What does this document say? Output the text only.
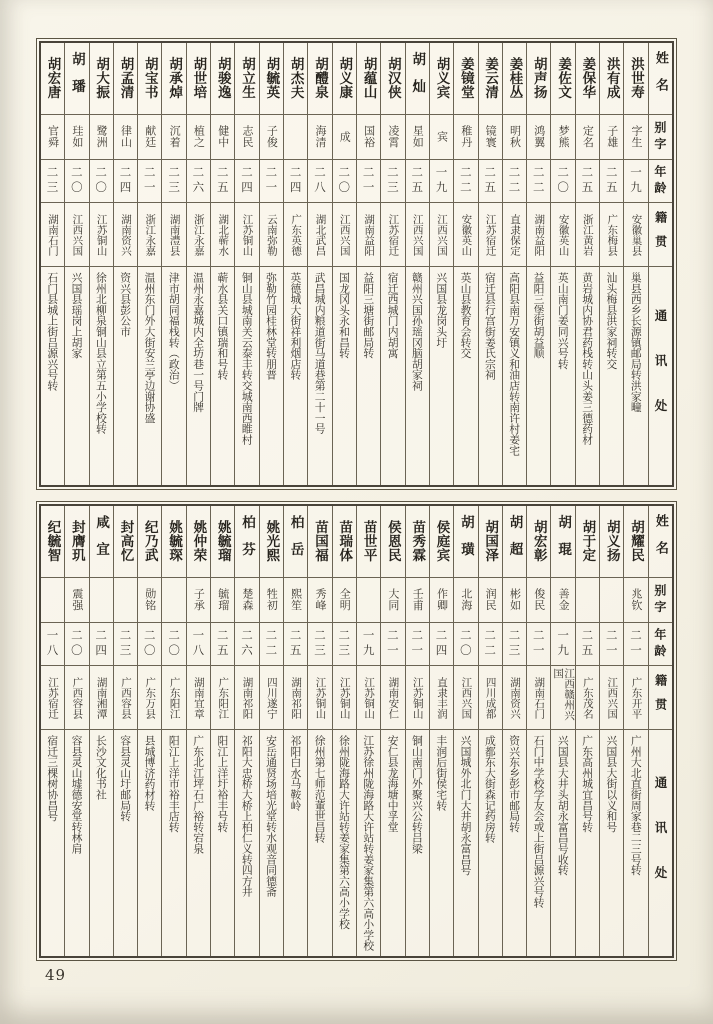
姓名
别字
年龄
籍贯
通讯处
洪世寿
字生
一九
安徽巢县
巢县西乡长源镇邮局转洪家疃
洪有成
子雄
二五
广东梅县
汕头梅县洪家祠转交
姜保华
定名
二五
浙江黄岩
黄岩城内协君药栈转山头姜三德药材
姜佐文
梦熊
二〇
安徽英山
英山南门姜同兴号转
胡声扬
鸿翼
二二
湖南益阳
益阳三堡街胡益顺
姜桂丛
明秋
二二
直隶保定
高阳县南万安镇义和油店转南许村姜宅
姜云清
镜寰
二五
江苏宿迁
宿迁县行宫街姜氏宗祠
姜镜堂
稚丹
二二
安徽英山
英山县教育会转交
胡义宾
宾
一九
江西兴国
兴国县龙岗头圩
胡灿
星如
二五
江西兴国
赣州兴国孙瑶冈脑胡家祠
胡汉侠
凌霄
二三
江苏宿迁
宿迁西城门内胡寓
胡蕴山
国裕
二一
湖南益阳
益阳三塘街邮局转
胡义康
成
二〇
江西兴国
国龙冈头永和昌转
胡醴泉
海清
二八
湖北武昌
武昌城内粮道街马道巷第二十一号
胡杰夫
二四
广东英德
英德城大街祥利烟店转
胡毓英
子俊
二一
云南弥勒
弥勒竹园桂林堂转朋普
胡立生
志民
二四
江苏铜山
铜山县城南关云泰丰转交城南西睢村
胡骏逸
健中
二五
湖北蕲水
蕲水县关口镇瑞和号转
胡世培
植之
二六
浙江永嘉
温州永嘉城内全坊巷一号门牌
胡承焯
沉着
二三
湖南澧县
津市胡同福栈转（政治）
胡宝书
献廷
二一
浙江永嘉
温州东门外大街安兰亭边谢协盛
胡孟清
律山
二四
湖南资兴
资兴县彭公市
胡大振
鹭洲
二〇
江苏铜山
徐州北柳泉铜山县立第五小学校转
胡璠
珪如
二〇
江西兴国
兴国县瑶岗上胡家
胡宏唐
官舜
二三
湖南石门
石门县城上街吕源兴号转
姓名
别字
年龄
籍贯
通讯处
胡耀民
兆钦
二一
广东开平
广州大北直街周家巷二三号转
胡义扬
二一
江西兴国
兴国县大街以义和号
胡于定
二五
广东茂名
广东高州城宜昌号转
胡琨
善金
一九
江西赣州兴国
兴国县大井头胡永富昌号收转
胡宏彰
俊民
二一
湖南石门
石门中学校学友会或上街吕源兴号转
胡超
彬如
二三
湖南资兴
资兴东乡彭市邮局转
胡国泽
润民
二二
四川成都
成都东大街森记药房转
胡璜
北海
二〇
江西兴国
兴国城外北门大井胡永富昌号
侯庭宾
作卿
二四
直隶丰润
丰润后街侯宅转
苗秀霖
壬甫
二一
江苏铜山
铜山南门外聚兴公转吕梁
侯恩民
大同
二一
湖南安仁
安仁县龙海塘中孚堂
苗世平
一九
江苏铜山
江苏徐州陇海路大许站转姜家集第六高小学校
苗瑞体
全明
二三
江苏铜山
徐州陇海路大许站转姜家集第六高小学校
苗国福
秀峰
二三
江苏铜山
徐州第七师范董世昌转
柏岳
熙笙
二五
湖南祁阳
祁阳白水马鞍岭
姚光熙
牲初
二二
四川遂宁
安岳通贤场培光堂转水观音同德斋
柏芬
楚森
二六
湖南祁阳
祁阳大忠桥大桥上柏仁义转四方井
姚毓瑠
毓瑠
二五
广东阳江
阳江上洋圩裕丰号转
姚仲荣
子承
一八
湖南宜章
广东北江坪石广裕转宕泉
姚毓琛
二〇
广东阳江
阳江上洋市裕丰店转
纪乃武
勋铭
二〇
广东万县
县城博济药材转
封高忆
二三
广西容县
容县灵山圩邮局转
咸宜
二四
湖南湘潭
长沙文化书社
封膺玑
震强
二〇
广西容县
容县灵山墟德安堂转林肩
纪毓智
一八
江苏宿迁
宿迁三棵树协昌号
49
